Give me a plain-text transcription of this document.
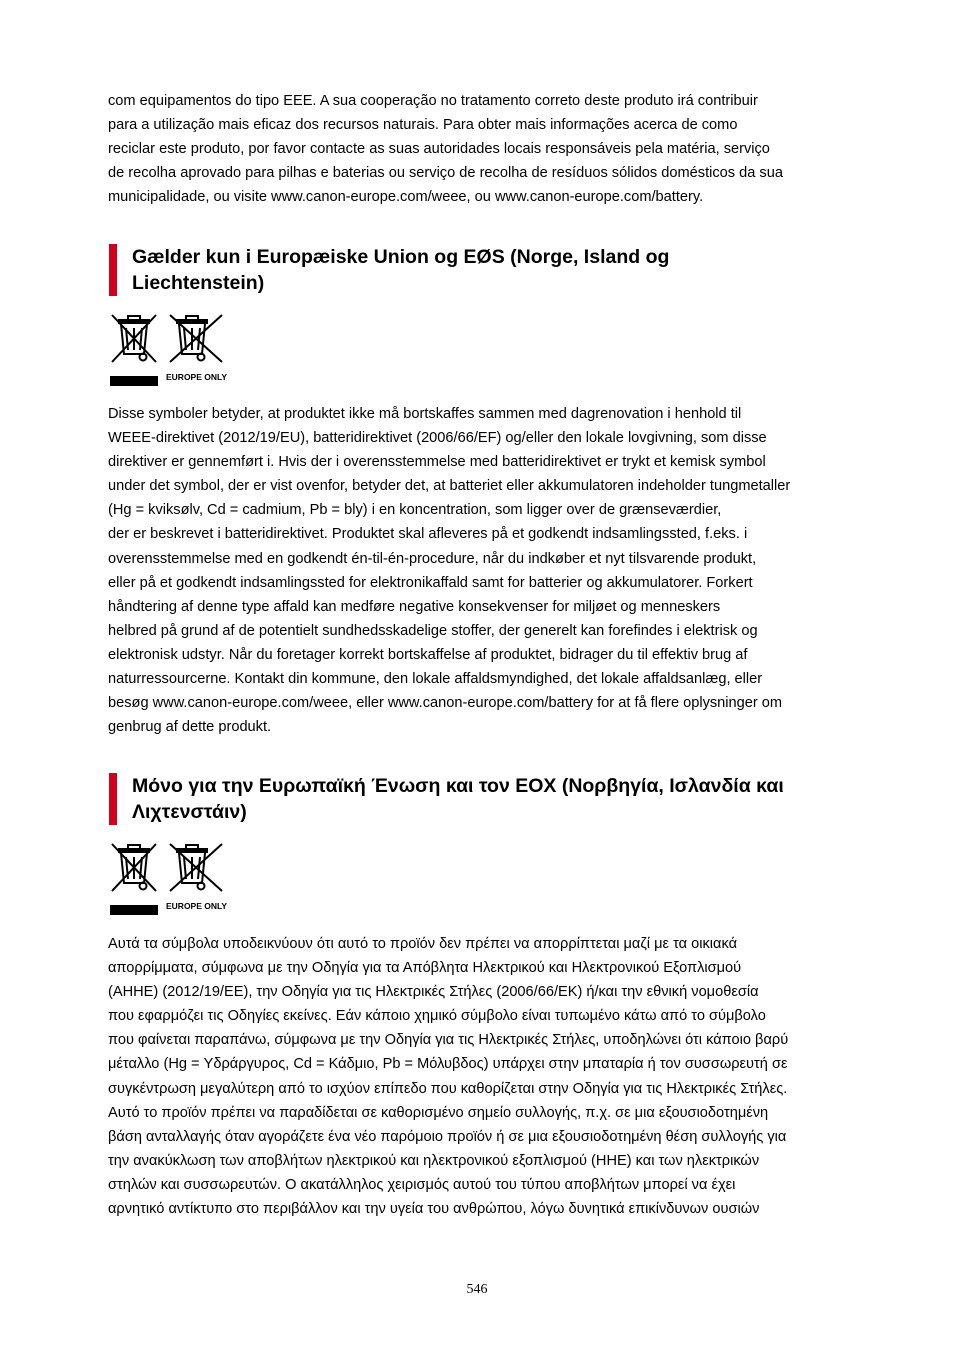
com equipamentos do tipo EEE. A sua cooperação no tratamento correto deste produto irá contribuir
para a utilização mais eficaz dos recursos naturais. Para obter mais informações acerca de como
reciclar este produto, por favor contacte as suas autoridades locais responsáveis pela matéria, serviço
de recolha aprovado para pilhas e baterias ou serviço de recolha de resíduos sólidos domésticos da sua
municipalidade, ou visite www.canon-europe.com/weee, ou www.canon-europe.com/battery.

Gælder kun i Europæiske Union og EØS (Norge, Island og
Liechtenstein)
EUROPE ONLY

Disse symboler betyder, at produktet ikke må bortskaffes sammen med dagrenovation i henhold til
WEEE-direktivet (2012/19/EU), batteridirektivet (2006/66/EF) og/eller den lokale lovgivning, som disse
direktiver er gennemført i. Hvis der i overensstemmelse med batteridirektivet er trykt et kemisk symbol
under det symbol, der er vist ovenfor, betyder det, at batteriet eller akkumulatoren indeholder tungmetaller
(Hg = kviksølv, Cd = cadmium, Pb = bly) i en koncentration, som ligger over de grænseværdier,
der er beskrevet i batteridirektivet. Produktet skal afleveres på et godkendt indsamlingssted, f.eks. i
overensstemmelse med en godkendt én-til-én-procedure, når du indkøber et nyt tilsvarende produkt,
eller på et godkendt indsamlingssted for elektronikaffald samt for batterier og akkumulatorer. Forkert
håndtering af denne type affald kan medføre negative konsekvenser for miljøet og menneskers
helbred på grund af de potentielt sundhedsskadelige stoffer, der generelt kan forefindes i elektrisk og
elektronisk udstyr. Når du foretager korrekt bortskaffelse af produktet, bidrager du til effektiv brug af
naturressourcerne. Kontakt din kommune, den lokale affaldsmyndighed, det lokale affaldsanlæg, eller
besøg www.canon-europe.com/weee, eller www.canon-europe.com/battery for at få flere oplysninger om
genbrug af dette produkt.

Μόνο για την Ευρωπαϊκή Ένωση και τον ΕΟΧ (Νορβηγία, Ισλανδία και
Λιχτενστάιν)
EUROPE ONLY

Αυτά τα σύμβολα υποδεικνύουν ότι αυτό το προϊόν δεν πρέπει να απορρίπτεται μαζί με τα οικιακά
απορρίμματα, σύμφωνα με την Οδηγία για τα Απόβλητα Ηλεκτρικού και Ηλεκτρονικού Εξοπλισμού
(AHHE) (2012/19/ΕΕ), την Οδηγία για τις Ηλεκτρικές Στήλες (2006/66/ΕΚ) ή/και την εθνική νομοθεσία
που εφαρμόζει τις Οδηγίες εκείνες. Εάν κάποιο χημικό σύμβολο είναι τυπωμένο κάτω από το σύμβολο
που φαίνεται παραπάνω, σύμφωνα με την Οδηγία για τις Ηλεκτρικές Στήλες, υποδηλώνει ότι κάποιο βαρύ
μέταλλο (Hg = Υδράργυρος, Cd = Κάδμιο, Pb = Μόλυβδος) υπάρχει στην μπαταρία ή τον συσσωρευτή σε
συγκέντρωση μεγαλύτερη από το ισχύον επίπεδο που καθορίζεται στην Οδηγία για τις Ηλεκτρικές Στήλες.
Αυτό το προϊόν πρέπει να παραδίδεται σε καθορισμένο σημείο συλλογής, π.χ. σε μια εξουσιοδοτημένη
βάση ανταλλαγής όταν αγοράζετε ένα νέο παρόμοιο προϊόν ή σε μια εξουσιοδοτημένη θέση συλλογής για
την ανακύκλωση των αποβλήτων ηλεκτρικού και ηλεκτρονικού εξοπλισμού (HHE) και των ηλεκτρικών
στηλών και συσσωρευτών. Ο ακατάλληλος χειρισμός αυτού του τύπου αποβλήτων μπορεί να έχει
αρνητικό αντίκτυπο στο περιβάλλον και την υγεία του ανθρώπου, λόγω δυνητικά επικίνδυνων ουσιών

546
